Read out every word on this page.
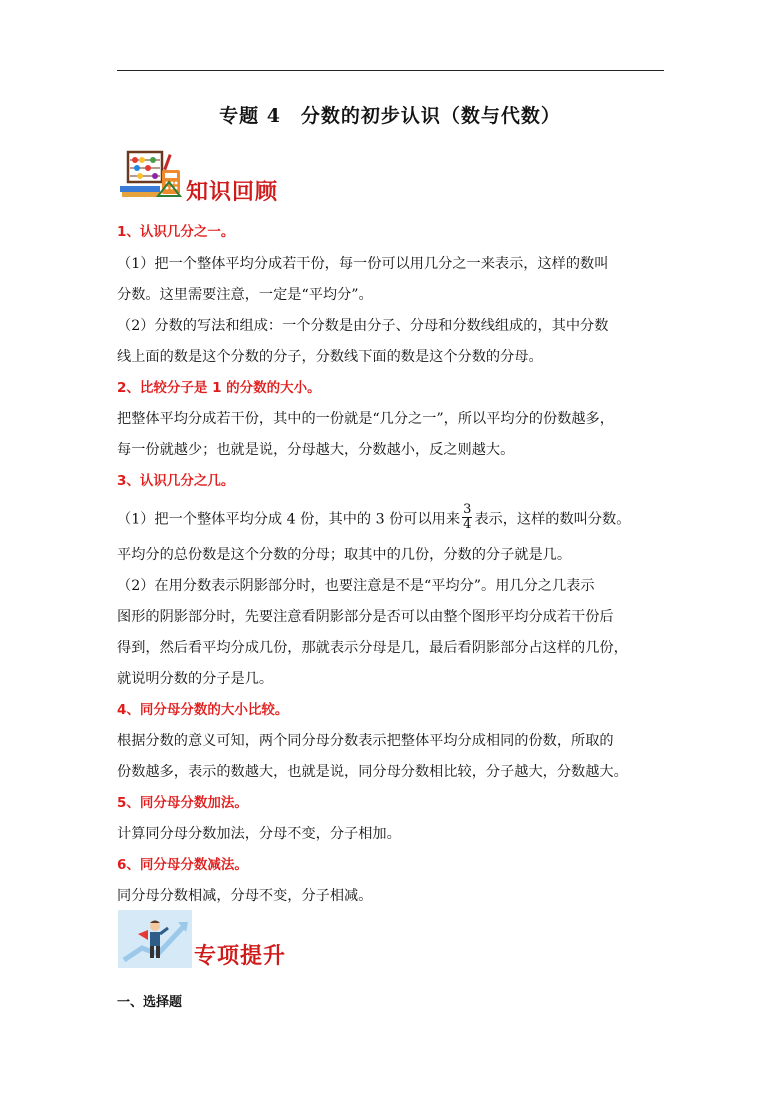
专题 4　分数的初步认识（数与代数）
知识回顾

1、认识几分之一。

（1）把一个整体平均分成若干份，每一份可以用几分之一来表示，这样的数叫

分数。这里需要注意，一定是“平均分”。

（2）分数的写法和组成：一个分数是由分子、分母和分数线组成的，其中分数

线上面的数是这个分数的分子，分数线下面的数是这个分数的分母。

2、比较分子是 1 的分数的大小。

把整体平均分成若干份，其中的一份就是“几分之一”，所以平均分的份数越多，

每一份就越少；也就是说，分母越大，分数越小，反之则越大。

3、认识几分之几。

（1）把一个整体平均分成 4 份，其中的 3 份可以用来 $\frac{3}{4}$ 表示，这样的数叫分数。

平均分的总份数是这个分数的分母；取其中的几份，分数的分子就是几。

（2）在用分数表示阴影部分时，也要注意是不是“平均分”。用几分之几表示

图形的阴影部分时，先要注意看阴影部分是否可以由整个图形平均分成若干份后

得到，然后看平均分成几份，那就表示分母是几，最后看阴影部分占这样的几份，

就说明分数的分子是几。

4、同分母分数的大小比较。

根据分数的意义可知，两个同分母分数表示把整体平均分成相同的份数，所取的

份数越多，表示的数越大，也就是说，同分母分数相比较，分子越大，分数越大。

5、同分母分数加法。

计算同分母分数加法，分母不变，分子相加。

6、同分母分数减法。

同分母分数相减，分母不变，分子相减。

专项提升
一、选择题
